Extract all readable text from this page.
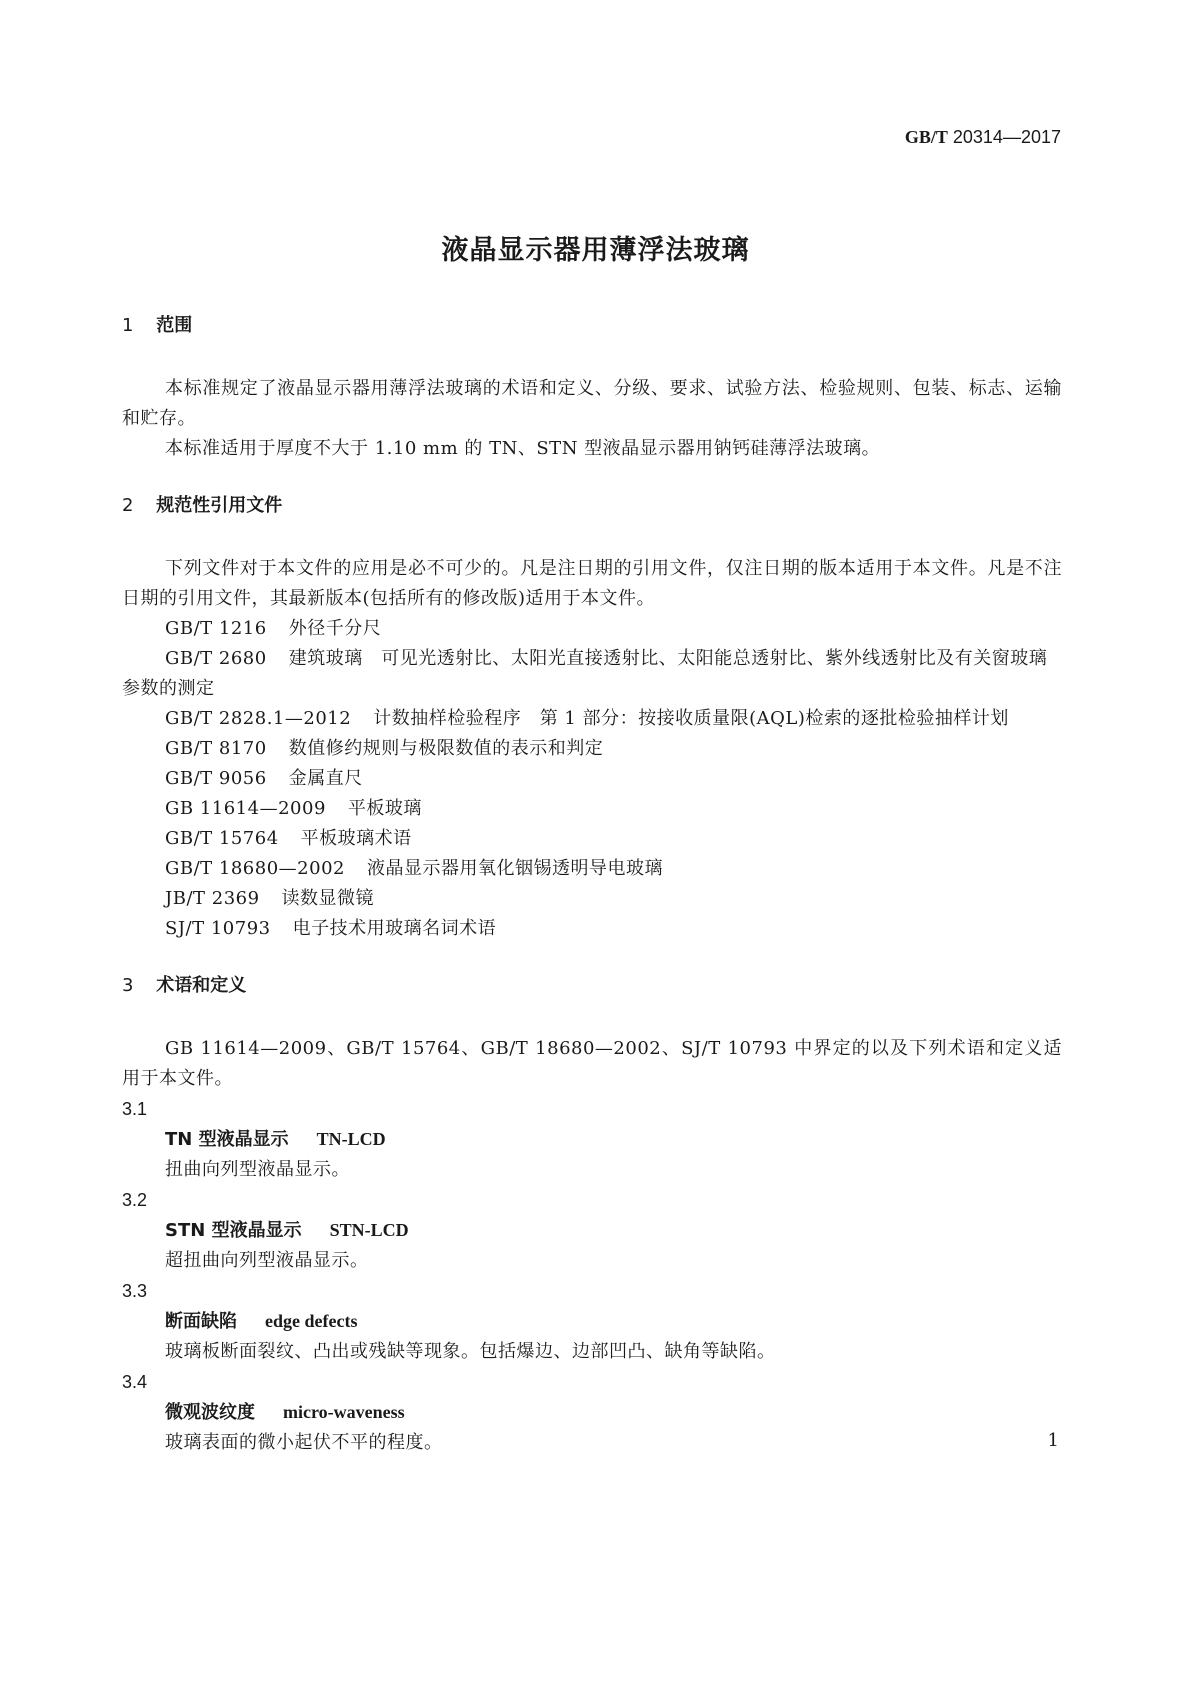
GB/T 20314—2017
液晶显示器用薄浮法玻璃
1 范围
本标准规定了液晶显示器用薄浮法玻璃的术语和定义、分级、要求、试验方法、检验规则、包装、标志、运输和贮存。
本标准适用于厚度不大于 1.10 mm 的 TN、STN 型液晶显示器用钠钙硅薄浮法玻璃。
2 规范性引用文件
下列文件对于本文件的应用是必不可少的。凡是注日期的引用文件，仅注日期的版本适用于本文件。凡是不注日期的引用文件，其最新版本(包括所有的修改版)适用于本文件。
GB/T 1216 外径千分尺
GB/T 2680 建筑玻璃　可见光透射比、太阳光直接透射比、太阳能总透射比、紫外线透射比及有关窗玻璃参数的测定
GB/T 2828.1—2012 计数抽样检验程序　第 1 部分：按接收质量限(AQL)检索的逐批检验抽样计划
GB/T 8170 数值修约规则与极限数值的表示和判定
GB/T 9056 金属直尺
GB 11614—2009 平板玻璃
GB/T 15764 平板玻璃术语
GB/T 18680—2002 液晶显示器用氧化铟锡透明导电玻璃
JB/T 2369 读数显微镜
SJ/T 10793 电子技术用玻璃名词术语
3 术语和定义
GB 11614—2009、GB/T 15764、GB/T 18680—2002、SJ/T 10793 中界定的以及下列术语和定义适用于本文件。
3.1
TN 型液晶显示 TN-LCD
扭曲向列型液晶显示。
3.2
STN 型液晶显示 STN-LCD
超扭曲向列型液晶显示。
3.3
断面缺陷 edge defects
玻璃板断面裂纹、凸出或残缺等现象。包括爆边、边部凹凸、缺角等缺陷。
3.4
微观波纹度 micro-waveness
玻璃表面的微小起伏不平的程度。	1
